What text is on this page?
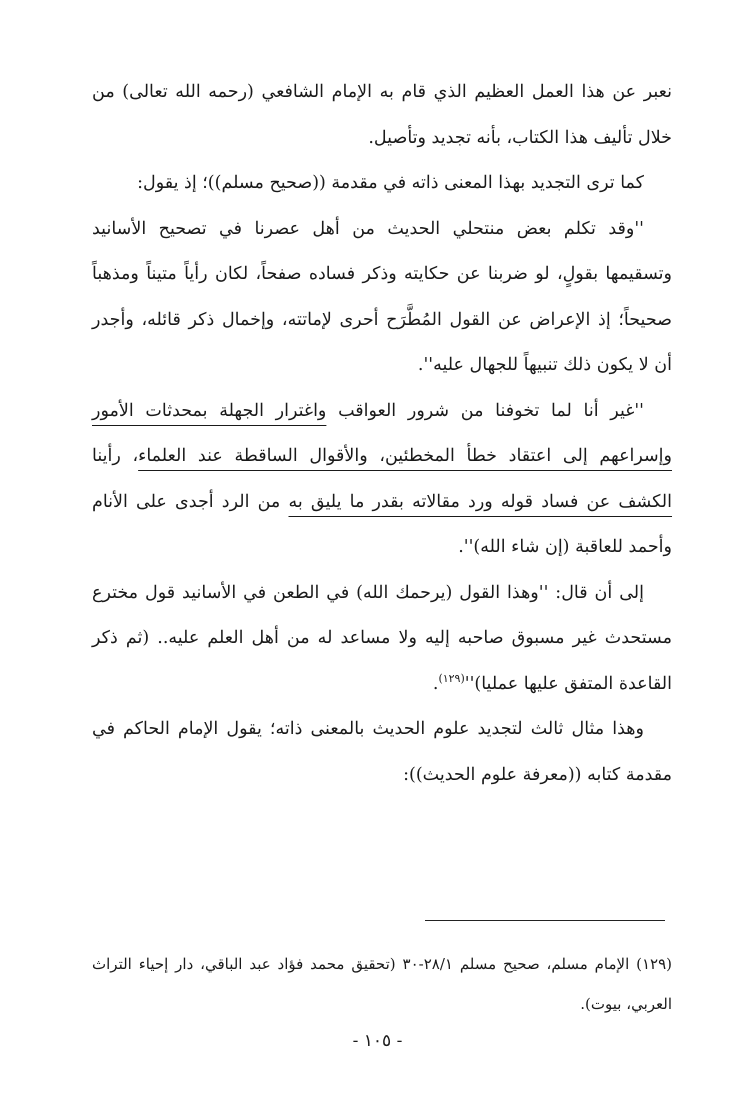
نعبر عن هذا العمل العظيم الذي قام به الإمام الشافعي (رحمه الله تعالى) من خلال تأليف هذا الكتاب، بأنه تجديد وتأصيل.

كما ترى التجديد بهذا المعنى ذاته في مقدمة ((صحيح مسلم))؛ إذ يقول:

''وقد تكلم بعض منتحلي الحديث من أهل عصرنا في تصحيح الأسانيد وتسقيمها بقولٍ، لو ضربنا عن حكايته وذكر فساده صفحاً، لكان رأياً متيناً ومذهباً صحيحاً؛ إذ الإعراض عن القول المُطَّرَح أحرى لإماتته، وإخمال ذكر قائله، وأجدر أن لا يكون ذلك تنبيهاً للجهال عليه''.

''غير أنا لما تخوفنا من شرور العواقب واغترار الجهلة بمحدثات الأمور وإسراعهم إلى اعتقاد خطأ المخطئين، والأقوال الساقطة عند العلماء، رأينا الكشف عن فساد قوله ورد مقالاته بقدر ما يليق به من الرد أجدى على الأنام وأحمد للعاقبة (إن شاء الله)''.

إلى أن قال: ''وهذا القول (يرحمك الله) في الطعن في الأسانيد قول مخترع مستحدث غير مسبوق صاحبه إليه ولا مساعد له من أهل العلم عليه.. (ثم ذكر القاعدة المتفق عليها $عمليا)''^{(١٢٩)}$.

وهذا مثال ثالث لتجديد علوم الحديث بالمعنى ذاته؛ يقول الإمام الحاكم في مقدمة كتابه ((معرفة علوم الحديث)):

(١٢٩) الإمام مسلم، صحيح مسلم ٢٨/١-٣٠ (تحقيق محمد فؤاد عبد الباقي، دار إحياء التراث العربي، بيوت).

- ١٠٥ -
